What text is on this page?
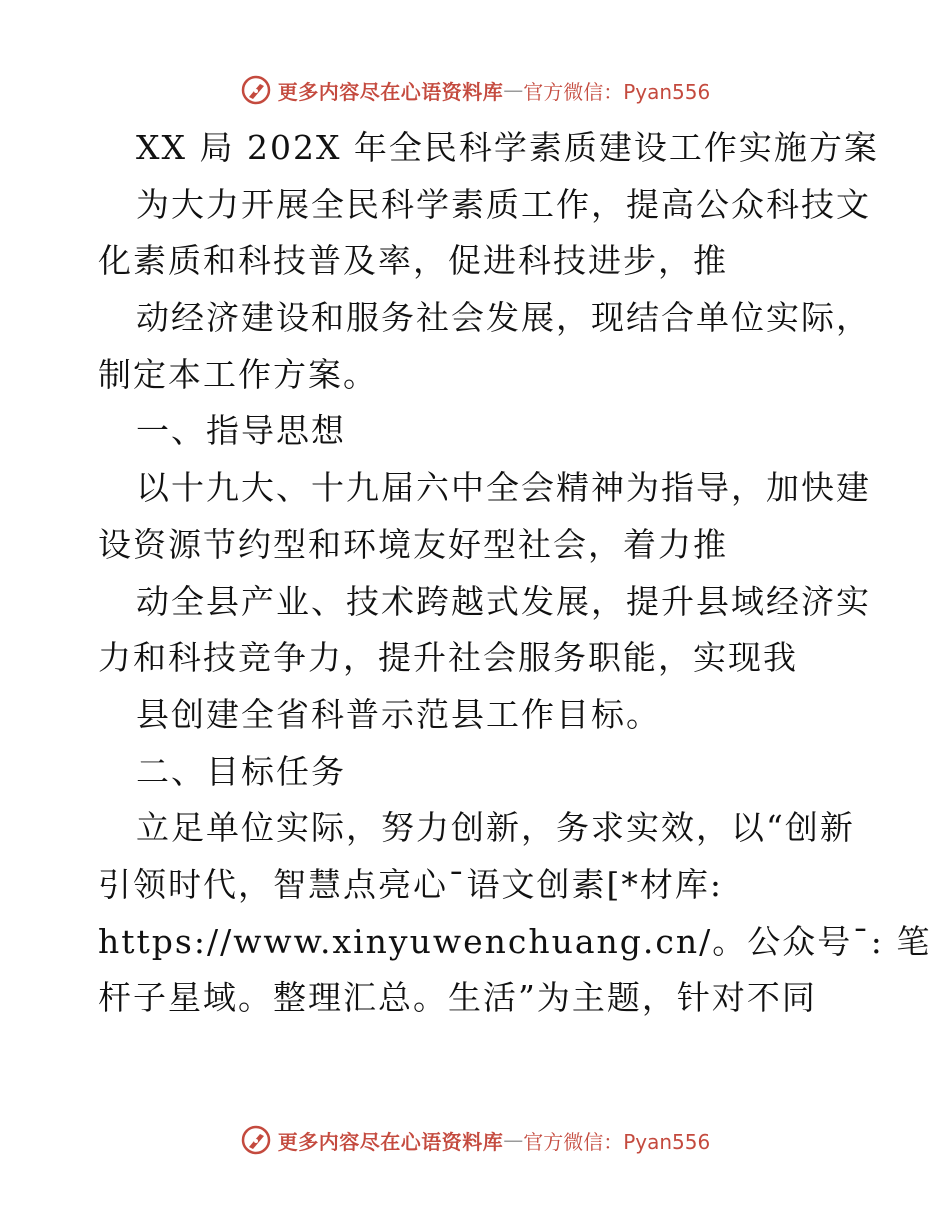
更多内容尽在心语资料库 — 官方微信：Pyan556
XX 局 202X 年全民科学素质建设工作实施方案
为大力开展全民科学素质工作，提高公众科技文
化素质和科技普及率，促进科技进步，推
动经济建设和服务社会发展，现结合单位实际，
制定本工作方案。
一、指导思想
以十九大、十九届六中全会精神为指导，加快建
设资源节约型和环境友好型社会，着力推
动全县产业、技术跨越式发展，提升县域经济实
力和科技竞争力，提升社会服务职能，实现我
县创建全省科普示范县工作目标。
二、目标任务
立足单位实际，努力创新，务求实效，以“创新
引领时代，智慧点亮心¯语文创素[*材库:
https://www.xinyuwenchuang.cn/。公众号¯: 笔
杆子星域。整理汇总。生活”为主题，针对不同
更多内容尽在心语资料库 — 官方微信：Pyan556
